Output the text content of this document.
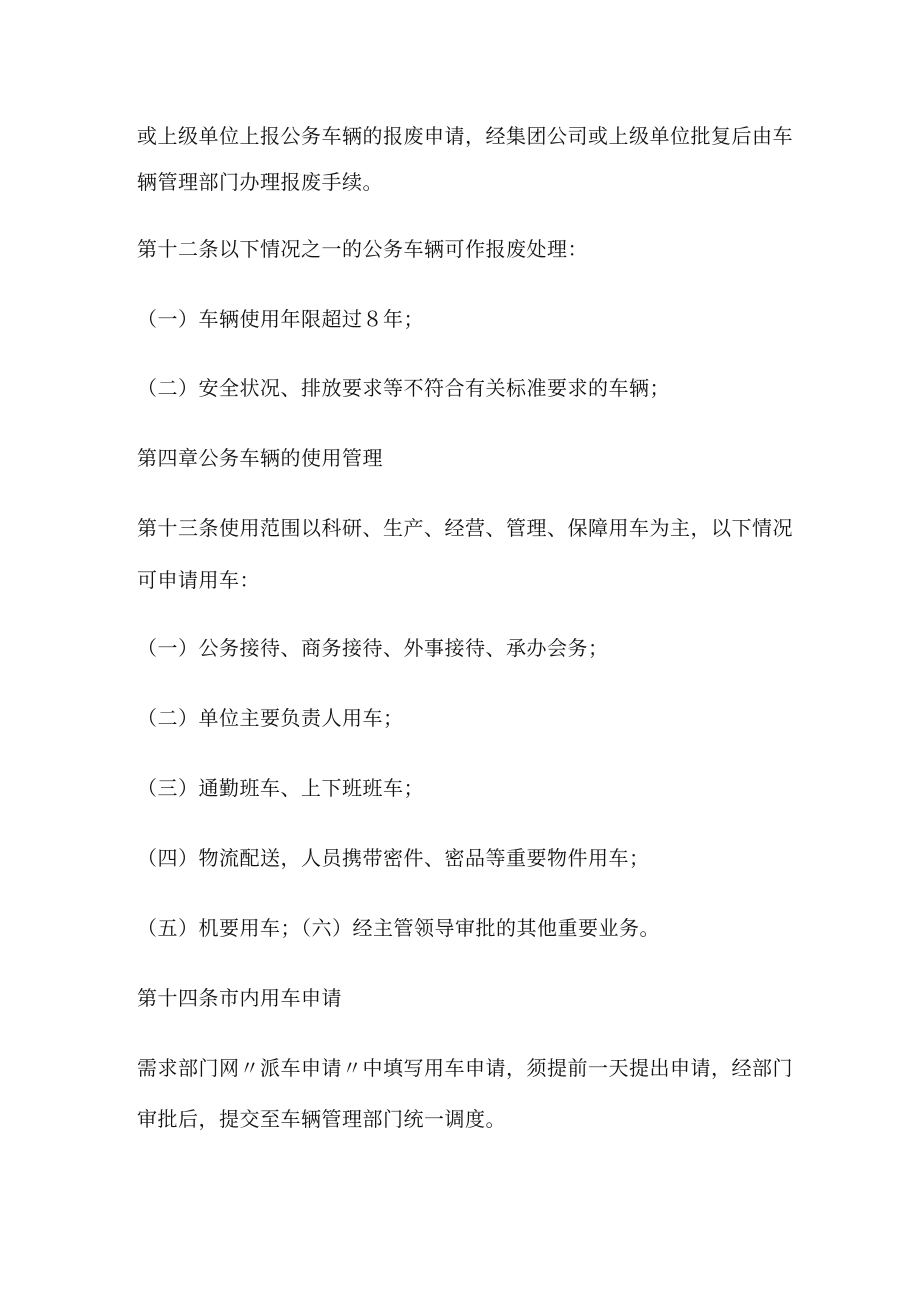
或上级单位上报公务车辆的报废申请，经集团公司或上级单位批复后由车
辆管理部门办理报废手续。
第十二条以下情况之一的公务车辆可作报废处理：
（一）车辆使用年限超过８年；
（二）安全状况、排放要求等不符合有关标准要求的车辆；
第四章公务车辆的使用管理
第十三条使用范围以科研、生产、经营、管理、保障用车为主，以下情况
可申请用车：
（一）公务接待、商务接待、外事接待、承办会务；
（二）单位主要负责人用车；
（三）通勤班车、上下班班车；
（四）物流配送，人员携带密件、密品等重要物件用车；
（五）机要用车；（六）经主管领导审批的其他重要业务。
第十四条市内用车申请
需求部门网〃派车申请〃中填写用车申请，须提前一天提出申请，经部门
审批后，提交至车辆管理部门统一调度。
